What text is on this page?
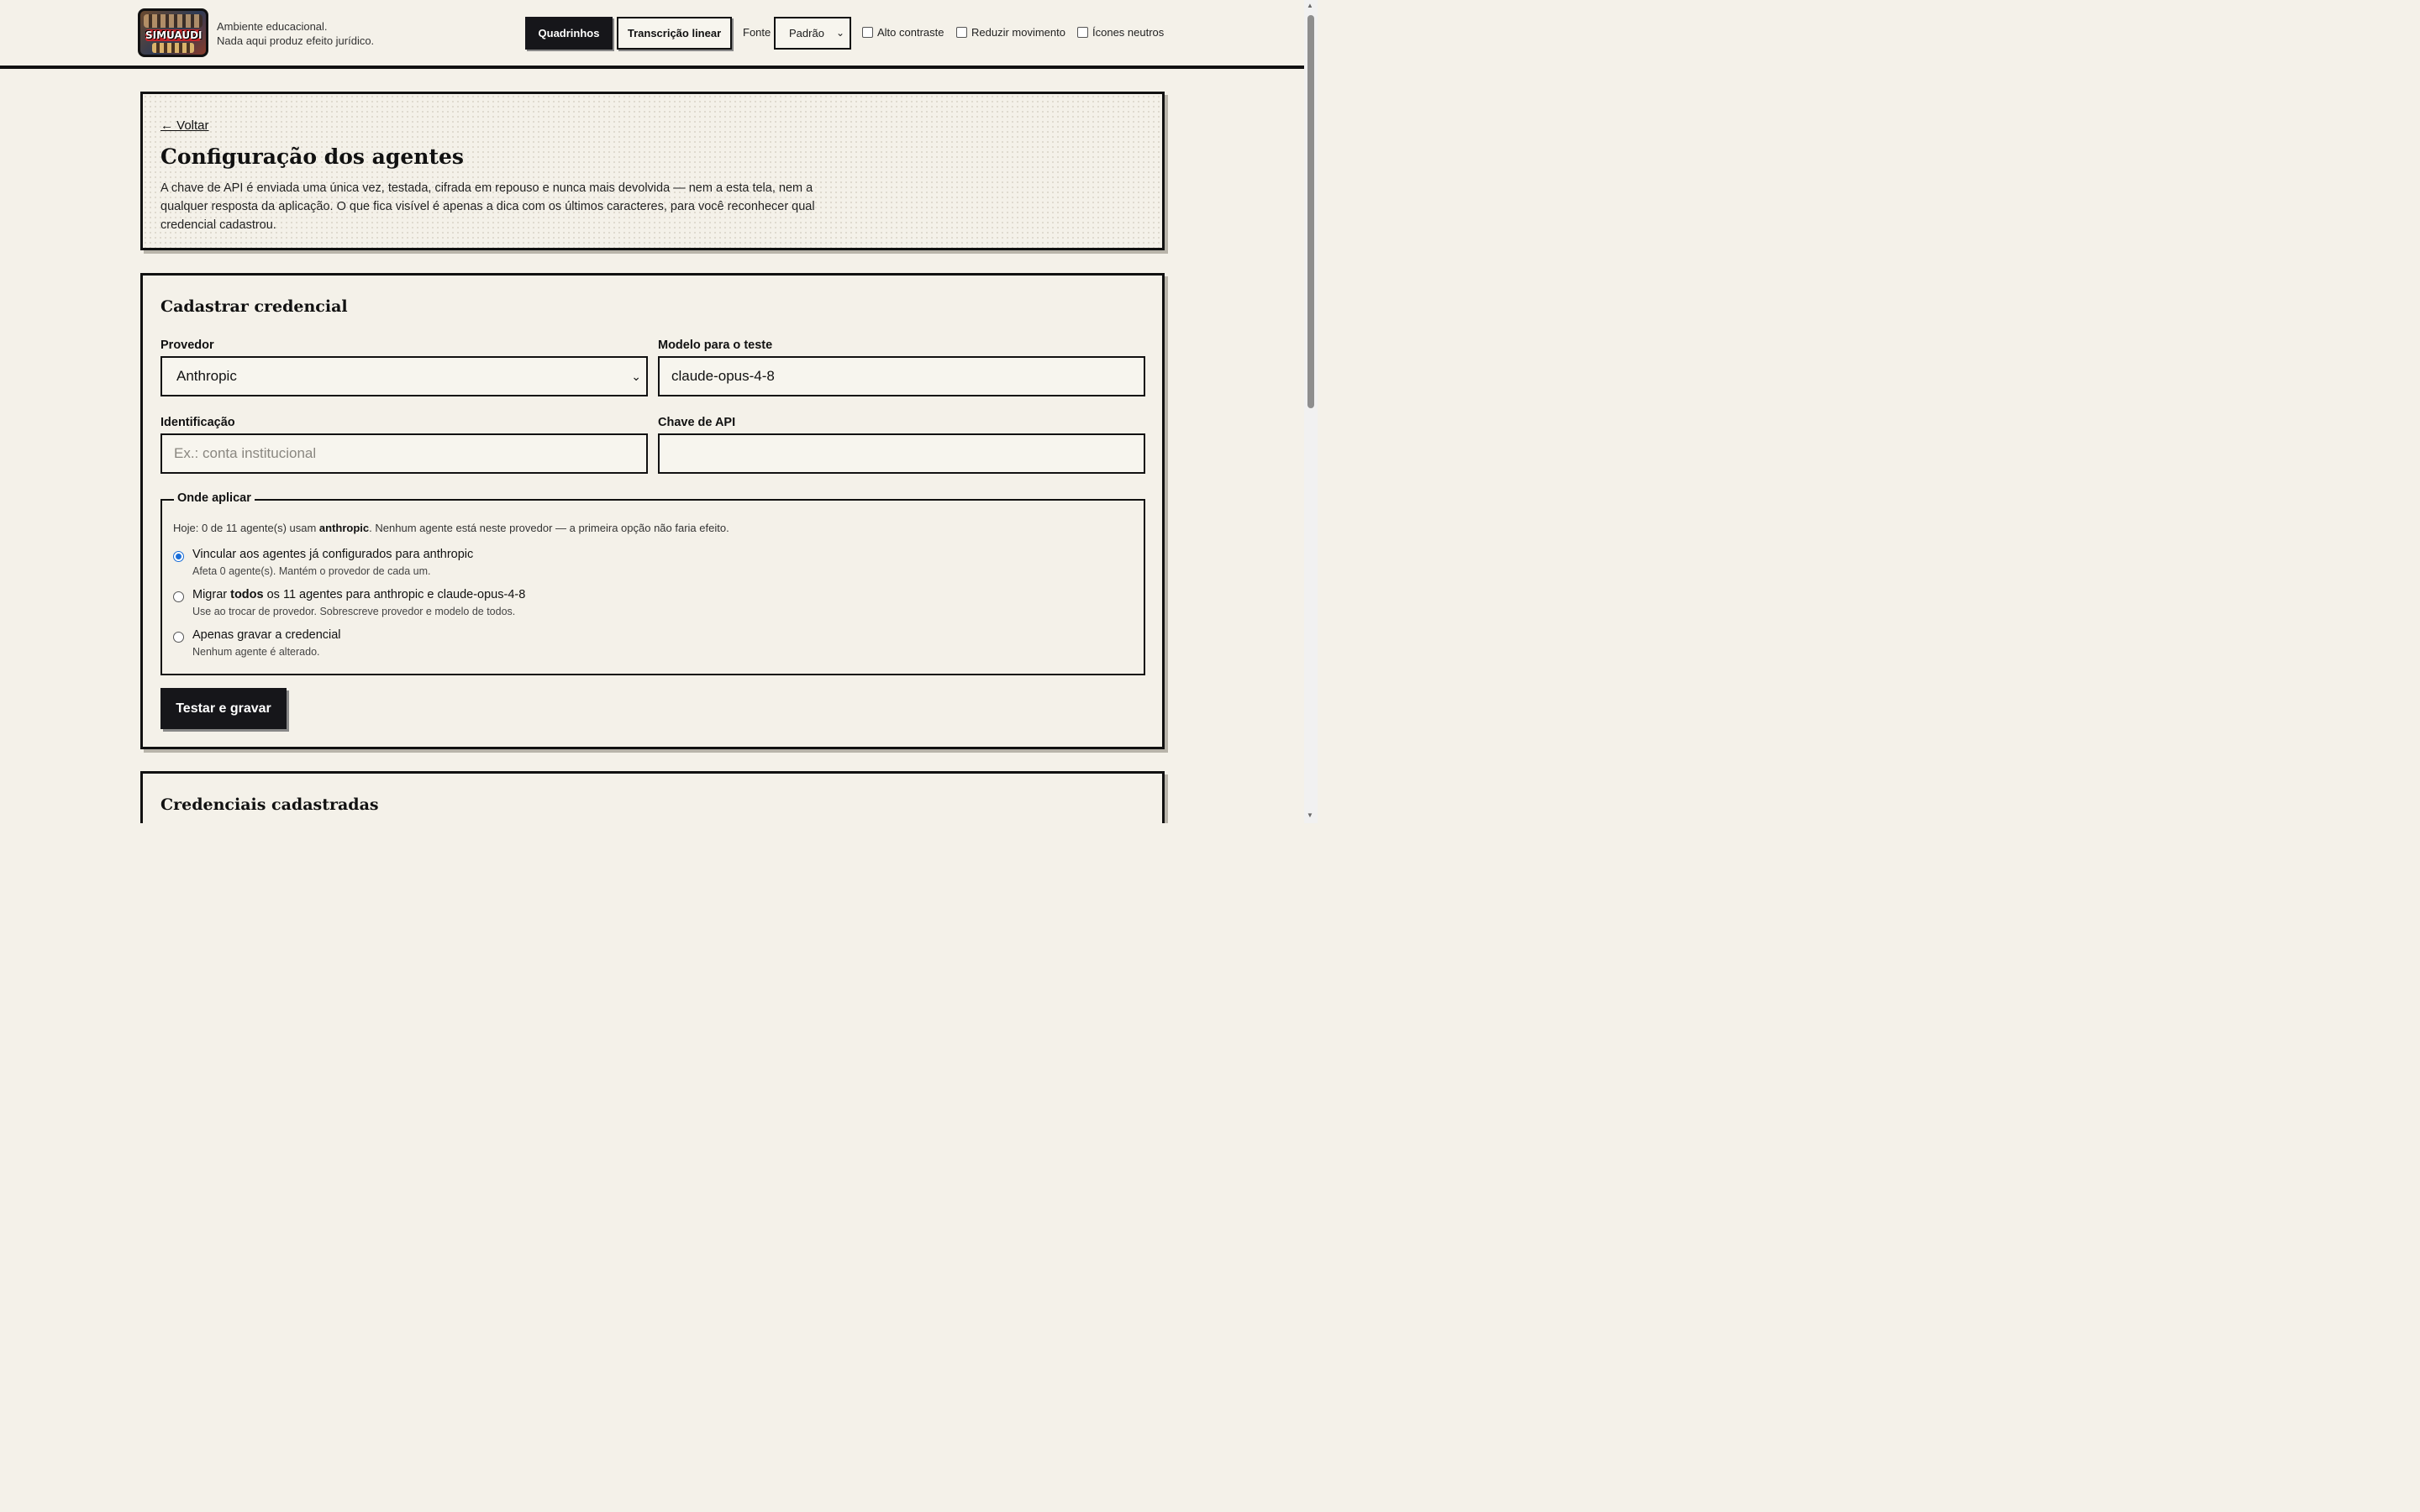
SIMUAUDI
Ambiente educacional.
Nada aqui produz efeito jurídico.
Quadrinhos	Transcrição linear	Fonte	Padrão ⌄	Alto contraste	Reduzir movimento Ícones neutros
← Voltar
Configuração dos agentes

A chave de API é enviada uma única vez, testada, cifrada em repouso e nunca mais devolvida — nem a esta tela, nem a qualquer resposta da aplicação. O que fica visível é apenas a dica com os últimos caracteres, para você reconhecer qual credencial cadastrou.

Cadastrar credencial
Provedor
Anthropic	⌄
Modelo para o teste
claude-opus-4-8
Identificação
Ex.: conta institucional
Chave de API
Onde aplicar
Hoje: 0 de 11 agente(s) usam anthropic. Nenhum agente está neste provedor — a primeira opção não faria efeito.
Vincular aos agentes já configurados para anthropic
Afeta 0 agente(s). Mantém o provedor de cada um.
Migrar todos os 11 agentes para anthropic e claude-opus-4-8
Use ao trocar de provedor. Sobrescreve provedor e modelo de todos.
Apenas gravar a credencial
Nenhum agente é alterado.
Testar e gravar
Credenciais cadastradas
▲
▼
